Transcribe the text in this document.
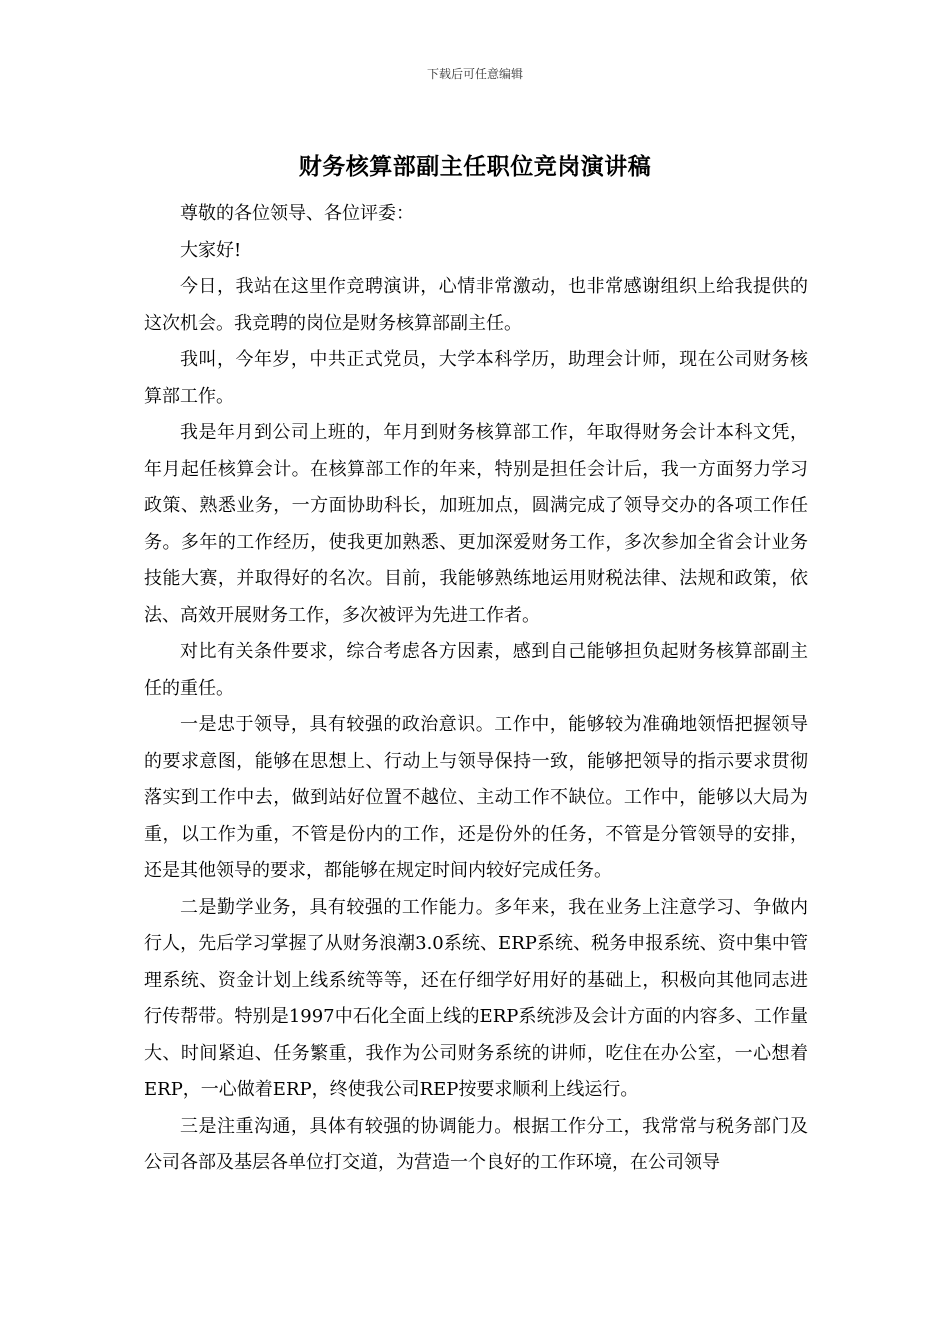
下载后可任意编辑
财务核算部副主任职位竞岗演讲稿

尊敬的各位领导、各位评委：

大家好!

今日，我站在这里作竞聘演讲，心情非常激动，也非常感谢组织上给我提供的这次机会。我竞聘的岗位是财务核算部副主任。

我叫，今年岁，中共正式党员，大学本科学历，助理会计师，现在公司财务核算部工作。

我是年月到公司上班的，年月到财务核算部工作，年取得财务会计本科文凭，年月起任核算会计。在核算部工作的年来，特别是担任会计后，我一方面努力学习政策、熟悉业务，一方面协助科长，加班加点，圆满完成了领导交办的各项工作任务。多年的工作经历，使我更加熟悉、更加深爱财务工作，多次参加全省会计业务技能大赛，并取得好的名次。目前，我能够熟练地运用财税法律、法规和政策，依法、高效开展财务工作，多次被评为先进工作者。

对比有关条件要求，综合考虑各方因素，感到自己能够担负起财务核算部副主任的重任。

一是忠于领导，具有较强的政治意识。工作中，能够较为准确地领悟把握领导的要求意图，能够在思想上、行动上与领导保持一致，能够把领导的指示要求贯彻落实到工作中去，做到站好位置不越位、主动工作不缺位。工作中，能够以大局为重，以工作为重，不管是份内的工作，还是份外的任务，不管是分管领导的安排，还是其他领导的要求，都能够在规定时间内较好完成任务。

二是勤学业务，具有较强的工作能力。多年来，我在业务上注意学习、争做内行人，先后学习掌握了从财务浪潮3.0系统、ERP系统、税务申报系统、资中集中管理系统、资金计划上线系统等等，还在仔细学好用好的基础上，积极向其他同志进行传帮带。特别是1997中石化全面上线的ERP系统涉及会计方面的内容多、工作量大、时间紧迫、任务繁重，我作为公司财务系统的讲师，吃住在办公室，一心想着ERP，一心做着ERP，终使我公司REP按要求顺利上线运行。

三是注重沟通，具体有较强的协调能力。根据工作分工，我常常与税务部门及公司各部及基层各单位打交道，为营造一个良好的工作环境，在公司领导
